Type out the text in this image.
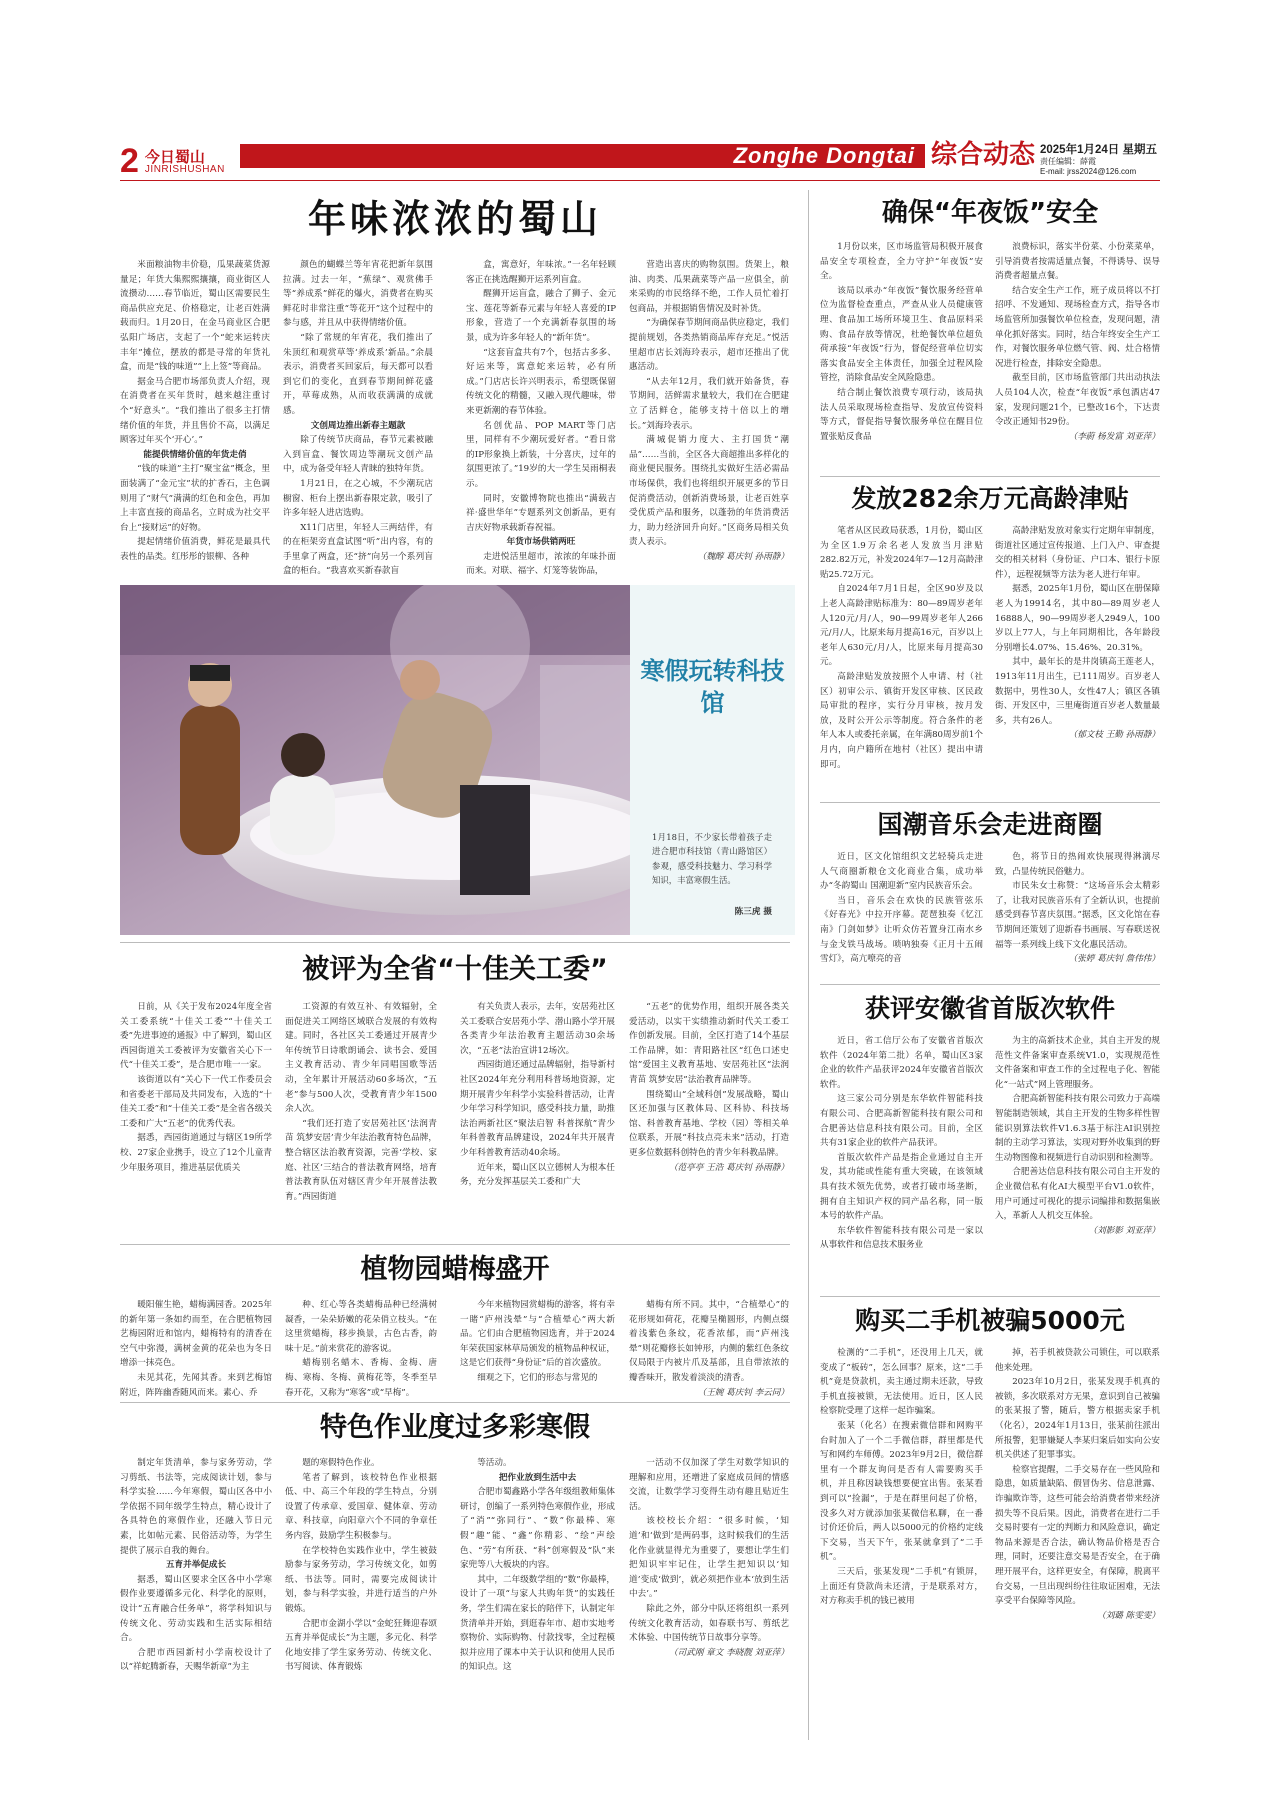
2 今日蜀山
JINRISHUSHAN
Zonghe Dongtai 综合动态 2025年1月24日 星期五
责任编辑：薛霞
E-mail: jrss2024@126.com
年味浓浓的蜀山

米面粮油物丰价稳，瓜果蔬菜货源量足；年货大集熙熙攘攘，商业街区人流攒动……春节临近，蜀山区需要民生商品供应充足、价格稳定，让老百姓满载而归。1月20日，在金马商业区合肥弘阳广场店，支起了一个“蛇来运转庆丰年”摊位，摆放的都是寻常的年货礼盒，而是“钱的味道”“上上签”等商品。

据金马合肥市场部负责人介绍，现在消费者在买年货时，越来越注重讨个“好意头”。“我们推出了很多主打情绪价值的年货，并且售价不高，以满足顾客过年买个‘开心’。”

能提供情绪价值的年货走俏

“钱的味道”主打“聚宝盆”概念，里面装满了“金元宝”状的扩香石，主色调则用了“财气”满满的红色和金色，再加上丰富直接的商品名，立时成为社交平台上“接财运”的好物。

提起情绪价值消费，鲜花是最具代表性的品类。红彤彤的银柳、各种

颜色的蝴蝶兰等年宵花把新年氛围拉满。过去一年，“蕉绿”、观赏佛手等“养成系”鲜花的爆火，消费者在购买鲜花时非常注重“等花开”这个过程中的参与感，并且从中获得情绪价值。

“除了常规的年宵花，我们推出了朱顶红和观赏草等‘养成系’新品。”余晨表示，消费者买回家后，每天都可以看到它们的变化，直到春节期间鲜花盛开，草莓成熟，从而收获满满的成就感。

文创周边推出新春主题款

除了传统节庆商品，春节元素被融入到盲盒、餐饮周边等潮玩文创产品中，成为备受年轻人青睐的独特年货。

1月21日，在之心城，不少潮玩店橱窗、柜台上摆出新春限定款，吸引了许多年轻人进店选购。

X11门店里，年轻人三两结伴，有的在柜架旁直盒试图“听”出内容，有的手里拿了两盒，还“挤”向另一个系列盲盒的柜台。“我喜欢买新春款盲

盒，寓意好，年味浓。”一名年轻顾客正在挑选醒狮开运系列盲盒。

醒狮开运盲盒，融合了狮子、金元宝、莲花等新春元素与年轻人喜爱的IP形象，营造了一个充满新春氛围的场景，成为许多年轻人的“新年货”。

“这套盲盒共有7个，包括古多多、好运来等，寓意蛇来运转，必有所成。”门店店长许兴明表示，希望既保留传统文化的精髓，又融入现代趣味，带来更新潮的春节体验。

名创优品、POP MART等门店里，同样有不少潮玩爱好者。“看日常的IP形象换上新装，十分喜庆，过年的氛围更浓了。”19岁的大一学生吴雨桐表示。

同时，安徽博物院也推出“满载吉祥·盛世华年”专题系列文创新品，更有吉庆好物承载新春祝福。

年货市场供销两旺

走进悦活里超市，浓浓的年味扑面而来。对联、福字、灯笼等装饰品，

营造出喜庆的购物氛围。货架上，粮油、肉类、瓜果蔬菜等产品一应俱全，前来采购的市民络绎不绝，工作人员忙着打包商品，并根据销售情况及时补货。

“为确保春节期间商品供应稳定，我们提前规划，各类热销商品库存充足。”悦活里超市店长刘海玲表示，超市还推出了优惠活动。

“从去年12月，我们就开始备货，春节期间，活鲜需求量较大，我们在合肥建立了活鲜仓，能够支持十倍以上的增长。”刘海玲表示。

满城促销力度大、主打国货“潮品”……当前，全区各大商超推出多样化的商业便民服务。围绕扎实做好生活必需品市场保供，我们也将组织开展更多的节日促消费活动，创新消费场景，让老百姓享受优质产品和服务，以蓬勃的年货消费活力，助力经济回升向好。”区商务局相关负责人表示。

（魏醇 葛庆钊 孙雨静）

寒假玩转科技馆
1月18日，不少家长带着孩子走进合肥市科技馆（青山路馆区）参观，感受科技魅力、学习科学知识，丰富寒假生活。
陈三虎 摄
确保“年夜饭”安全

1月份以来，区市场监管局积极开展食品安全专项检查，全力守护“年夜饭”安全。

该局以承办“年夜饭”餐饮服务经营单位为监督检查重点，严查从业人员健康管理、食品加工场所环境卫生、食品原料采购、食品存放等情况，杜绝餐饮单位超负荷承接“年夜饭”行为，督促经营单位切实落实食品安全主体责任，加强全过程风险管控，消除食品安全风险隐患。

结合制止餐饮浪费专项行动，该局执法人员采取现场检查指导、发放宣传资料等方式，督促指导餐饮服务单位在醒目位置张贴反食品

浪费标识，落实半份菜、小份菜菜单，引导消费者按需适量点餐，不得诱导、误导消费者超量点餐。

结合安全生产工作，班子成员将以不打招呼、不发通知、现场检查方式，指导各市场监管所加强餐饮单位检查，发现问题，清单化抓好落实。同时，结合年终安全生产工作，对餐饮服务单位燃气管、阀、灶合格情况进行检查，排除安全隐患。

截至目前，区市场监管部门共出动执法人员104人次，检查“年夜饭”承包酒店47家，发现问题21个，已整改16个，下达责令改正通知书29份。

（李蔚 杨发富 刘亚萍）

发放282余万元高龄津贴

笔者从区民政局获悉，1月份，蜀山区为全区1.9万余名老人发放当月津贴282.82万元，补发2024年7—12月高龄津贴25.72万元。

自2024年7月1日起，全区90岁及以上老人高龄津贴标准为：80—89周岁老年人120元/月/人，90—99周岁老年人266元/月/人，比原来每月提高16元，百岁以上老年人630元/月/人，比原来每月提高30元。

高龄津贴发放按照个人申请、村（社区）初审公示、镇街开发区审核、区民政局审批的程序，实行分月审核，按月发放，及时公开公示等制度。符合条件的老年人本人或委托亲属，在年满80周岁前1个月内，向户籍所在地村（社区）提出申请即可。

高龄津贴发放对象实行定期年审制度，街道社区通过宣传报道、上门入户、审查提交的相关材料（身份证、户口本、银行卡原件），远程视频等方法为老人进行年审。

据悉，2025年1月份，蜀山区在册保障老人为19914名，其中80—89周岁老人16888人，90—99周岁老人2949人，100岁以上77人，与上年同期相比，各年龄段分别增长4.07%、15.46%、20.31%。

其中，最年长的是井岗镇高王莲老人，1913年11月出生，已111周岁。百岁老人数据中，男性30人，女性47人；镇区各镇街、开发区中，三里庵街道百岁老人数量最多，共有26人。

（郁文枝 王勤 孙雨静）

国潮音乐会走进商圈

近日，区文化馆组织文艺轻骑兵走进人气商圈新粮仓文化商业合集，成功举办“冬韵蜀山 国潮迎新”室内民族音乐会。

当日，音乐会在欢快的民族管弦乐《好春光》中拉开序幕。琵琶独奏《忆江南》门剑如梦》让听众仿若置身江南水乡与金戈铁马战场。唢呐独奏《正月十五闹雪灯》，高亢嘹亮的音

色，将节日的热闹欢快展现得淋漓尽致，凸显传统民俗魅力。

市民朱女士称赞：“这场音乐会太精彩了，让我对民族音乐有了全新认识，也提前感受到春节喜庆氛围。”据悉，区文化馆在春节期间还策划了迎新春书画展、写春联送祝福等一系列线上线下文化惠民活动。

（张婷 葛庆钊 詹伟伟）

被评为全省“十佳关工委”

日前，从《关于发布2024年度全省关工委系统“十佳关工委”“十佳关工委”先进事迹的通报》中了解到，蜀山区西园街道关工委被评为安徽省关心下一代“十佳关工委”，是合肥市唯一一家。

该街道以有“关心下一代工作委员会和省委老干部局及共同发布，入选的“十佳关工委”和“十佳关工委”是全省各级关工委和广大“五老”的优秀代表。

据悉，西园街道通过与辖区19所学校、27家企业携手，设立了12个儿童青少年服务项目，推进基层优质关

工资源的有效互补、有效辐射，全面促进关工网络区域联合发展的有效构建。同时，各社区关工委通过开展青少年传统节日诗歌朗诵会、读书会、爱国主义教育活动、青少年同唱国歌等活动，全年累计开展活动60多场次，“五老”参与500人次，受教育青少年1500余人次。

“我们还打造了安居苑社区‘法润青苗 筑梦安居’青少年法治教育特色品牌，整合辖区法治教育资源，完善‘学校、家庭、社区’三结合的普法教育网络，培育普法教育队伍对辖区青少年开展普法教育。”西园街道

有关负责人表示，去年，安居苑社区关工委联合安居苑小学、潜山路小学开展各类青少年法治教育主题活动30余场次，“五老”法治宣讲12场次。

西园街道还通过品牌辐射，指导新村社区2024年充分利用科普场地资源，定期开展青少年科学小实验科普活动，让青少年学习科学知识，感受科技力量，助推法治两新社区“聚法启智 科普探航”青少年科普教育品牌建设，2024年共开展青少年科普教育活动40余场。

近年来，蜀山区以立德树人为根本任务，充分发挥基层关工委和广大

“五老”的优势作用，组织开展各类关爱活动，以实干实绩推动新时代关工委工作创新发展。目前，全区打造了14个基层工作品牌，如：青阳路社区“红色口述史馆”爱国主义教育基地、安居苑社区“法润青苗 筑梦安居”法治教育品牌等。

围绕蜀山“全域科创”发展战略，蜀山区还加强与区教体局、区科协、科技场馆、科普教育基地、学校（园）等相关单位联系，开展“科技点亮未来”活动，打造更多位数据科创特色的青少年科教品牌。

（范亭亭 王浩 葛庆钊 孙雨静）

获评安徽省首版次软件

近日，省工信厅公布了安徽省首版次软件（2024年第二批）名单，蜀山区3家企业的软件产品获评2024年安徽省首版次软件。

这三家公司分别是东华软件智能科技有限公司、合肥高新智能科技有限公司和合肥善达信息科技有限公司。目前，全区共有31家企业的软件产品获评。

首版次软件产品是指企业通过自主开发，其功能或性能有重大突破，在该领域具有技术领先优势，或者打破市场垄断，拥有自主知识产权的同产品名称，同一版本号的软件产品。

东华软件智能科技有限公司是一家以从事软件和信息技术服务业

为主的高新技术企业，其自主开发的规范性文件备案审查系统V1.0，实现规范性文件备案和审查工作的全过程电子化、智能化“一站式”网上管理服务。

合肥高新智能科技有限公司致力于高端智能制造领域，其自主开发的生物多样性智能识别算法软件V1.6.3基于标注AI识别控制的主动学习算法，实现对野外收集到的野生动物图像和视频进行自动识别和检测等。

合肥善达信息科技有限公司自主开发的企业微信私有化AI大模型平台V1.0软件，用户可通过可视化的提示词编排和数据集嵌入，革新人人机交互体验。

（刘影影 刘亚萍）

植物园蜡梅盛开

暖阳催生艳，蜡梅满园香。2025年的新年第一条如约而至，在合肥植物园艺梅园附近和馆内，蜡梅特有的清香在空气中弥漫，满树金黄的花朵也为冬日增添一抹亮色。

未见其花，先闻其香。来到艺梅馆附近，阵阵幽香随风而来。素心、乔

种、红心等各类蜡梅品种已经满树凝香，一朵朵娇嫩的花朵俏立枝头。“在这里赏蜡梅，移步换景，古色古香，韵味十足。”前来赏花的游客说。

蜡梅别名蜡木、香梅、金梅、唐梅、寒梅、冬梅、黄梅花等，冬季至早春开花，又称为“寒客”或“早梅”。

今年来植物园赏蜡梅的游客，将有幸一睹“庐州浅晕”与“合植晕心”两大新品。它们由合肥植物园选育，并于2024年荣获国家林草局颁发的植物品种权证，这是它们获得“身份证”后的首次盛放。

细观之下，它们的形态与常见的

蜡梅有所不同。其中，“合植晕心”的花形规如荷花，花瓣呈椭圆形，内侧点缀着浅紫色条纹，花香浓郁，而“庐州浅晕”则花瓣修长如钟形，内侧的紫红色条纹仅局限于内被片爪及基部，且自带浓浓的瓣香味开，散发着淡淡的清香。

（王婉 葛庆钊 李云同）

购买二手机被骗5000元

检测的“二手机”，还没用上几天，就变成了“板砖”，怎么回事？原来，这“二手机”竟是贷款机，卖主通过期未还款，导致手机直接被锁，无法使用。近日，区人民检察院受理了这样一起诈骗案。

张某（化名）在搜索微信群和网购平台时加入了一个二手微信群，群里都是代写和网约车师傅。2023年9月2日，微信群里有一个群友询问是否有人需要购买手机，并且称因缺钱想要便宜出售。张某看到可以“捡漏”，于是在群里问起了价格，没多久对方就添加张某微信私聊，在一番讨价还价后，两人以5000元的价格约定线下交易，当天下午，张某就拿到了“二手机”。

三天后，张某发现“二手机”有锁屏，上面还有贷款尚未还清，于是联系对方，对方称卖手机的钱已被用

掉，若手机被贷款公司锁住，可以联系他来处理。

2023年10月2日，张某发现手机真的被锁，多次联系对方无果，意识到自己被骗的张某报了警，随后，警方根据卖家手机（化名），2024年1月13日，张某前往派出所报警，犯罪嫌疑人李某归案后如实向公安机关供述了犯罪事实。

检察官提醒，二手交易存在一些风险和隐患，如质量缺陷、假冒伪劣、信息泄露、诈骗欺诈等，这些可能会给消费者带来经济损失等不良后果。因此，消费者在进行二手交易时要有一定的判断力和风险意识，确定物品来源是否合法，确认物品价格是否合理，同时，还要注意交易是否安全，在于确理开展平台，这样更安全，有保障，脱离平台交易，一旦出现纠纷往往取证困难，无法享受平台保障等风险。

（刘璐 陈雯雯）

特色作业度过多彩寒假

制定年货清单，参与家务劳动，学习剪纸、书法等，完成阅读计划，参与科学实验……今年寒假，蜀山区各中小学依据不同年级学生特点，精心设计了各具特色的寒假作业，还融入节日元素，比如帖元素、民俗活动等，为学生提供了展示自我的舞台。

五育并举促成长

据悉，蜀山区要求全区各中小学寒假作业要遵循多元化、科学化的原则，设计“五育融合任务单”，将学科知识与传统文化、劳动实践和生活实际相结合。

合肥市西园新村小学南校设计了以“祥蛇腾新春，天赐华新章”为主

题的寒假特色作业。

笔者了解到，该校特色作业根据低、中、高三个年段的学生特点，分别设置了传承章、爱国章、健体章、劳动章、科技章，向阳章六个不同的争章任务内容，鼓励学生积极参与。

在学校特色实践作业中，学生被鼓励参与家务劳动，学习传统文化，如剪纸、书法等。同时，需要完成阅读计划，参与科学实验，并进行适当的户外锻炼。

合肥市金湖小学以“金蛇狂舞迎春颂 五育并举促成长”为主题，多元化、科学化地安排了学生家务劳动、传统文化、书写阅读、体育锻炼

等活动。

把作业放到生活中去

合肥市蜀鑫路小学各年级组教师集体研讨，创编了一系列特色寒假作业，形成了“消”“弥同行”、“数”你最棒、寒假“趣”能、“鑫”你精彩、“绘”声绘色、“劳”有所获、“科”创寒假及“队”来家兜等八大板块的内容。

其中，二年级数学组的“数”你最棒，设计了一项“与家人共购年货”的实践任务，学生们需在家长的陪伴下，认制定年货清单并开始，到逛春年市、超市实地考察物价、实际购物、付款找零，全过程模拟并应用了课本中关于认识和使用人民币的知识点。这

一活动不仅加深了学生对数学知识的理解和应用，还增进了家庭成员间的情感交流，让数学学习变得生动有趣且贴近生活。

该校校长介绍：“很多时候，‘知道’和‘做到’是两码事，这时候我们的生活化作业就显得尤为重要了，要想让学生们把知识牢牢记住，让学生把知识以‘知道’变成‘做到’，就必须把作业本‘放到生活中去’。”

除此之外，部分中队还将组织一系列传统文化教育活动，如春联书写、剪纸艺术体验、中国传统节日故事分享等。

（司武刚 章文 李晓靓 刘亚萍）
